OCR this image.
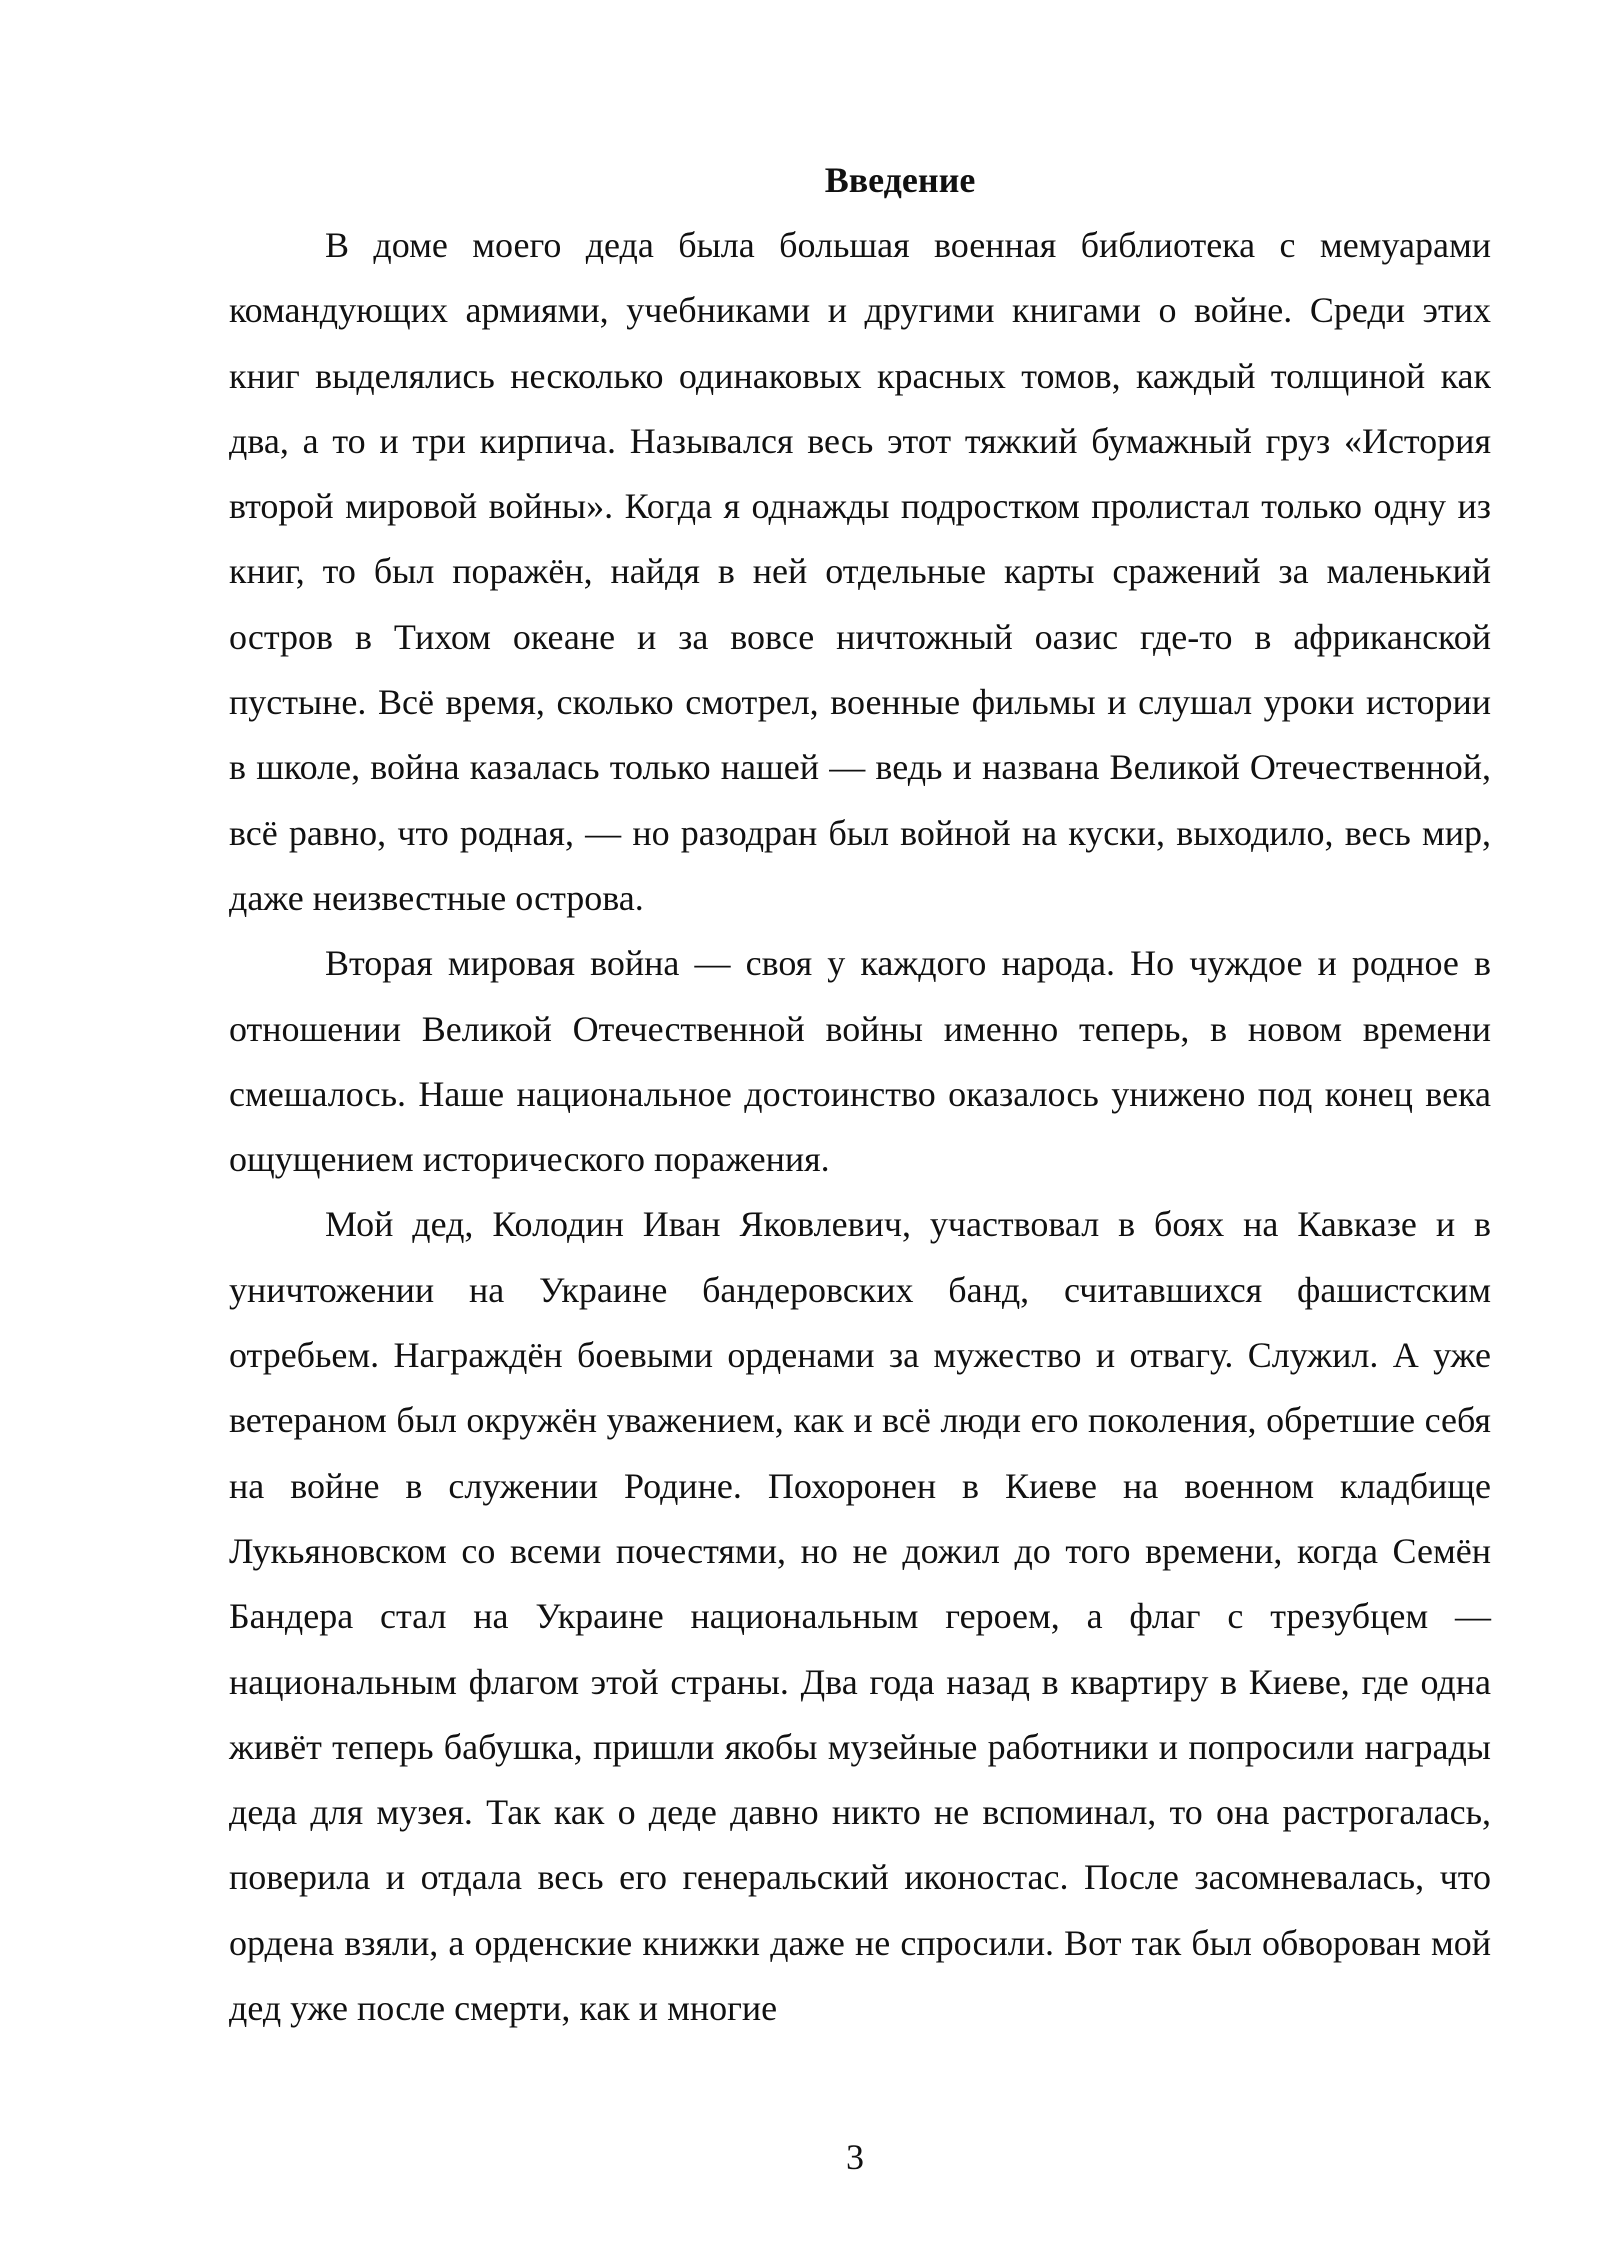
Введение

В доме моего деда была большая военная библиотека с мемуарами командующих армиями, учебниками и другими книгами о войне. Среди этих книг выделялись несколько одинаковых красных томов, каждый толщиной как два, а то и три кирпича. Назывался весь этот тяжкий бумажный груз «История второй мировой войны». Когда я однажды подростком пролистал только одну из книг, то был поражён, найдя в ней отдельные карты сражений за маленький остров в Тихом океане и за вовсе ничтожный оазис где-то в африканской пустыне. Всё время, сколько смотрел, военные фильмы и слушал уроки истории в школе, война казалась только нашей — ведь и названа Великой Отечественной, всё равно, что родная, — но разодран был войной на куски, выходило, весь мир, даже неизвестные острова.

Вторая мировая война — своя у каждого народа. Но чуждое и родное в отношении Великой Отечественной войны именно теперь, в новом времени смешалось. Наше национальное достоинство оказалось унижено под конец века ощущением исторического поражения.

Мой дед, Колодин Иван Яковлевич, участвовал в боях на Кавказе и в уничтожении на Украине бандеровских банд, считавшихся фашистским отребьем. Награждён боевыми орденами за мужество и отвагу. Служил. А уже ветераном был окружён уважением, как и всё люди его поколения, обретшие себя на войне в служении Родине. Похоронен в Киеве на военном кладбище Лукьяновском со всеми почестями, но не дожил до того времени, когда Семён Бандера стал на Украине национальным героем, а флаг с трезубцем — национальным флагом этой страны. Два года назад в квартиру в Киеве, где одна живёт теперь бабушка, пришли якобы музейные работники и попросили награды деда для музея. Так как о деде давно никто не вспоминал, то она растрогалась, поверила и отдала весь его генеральский иконостас. После засомневалась, что ордена взяли, а орденские книжки даже не спросили. Вот так был обворован мой дед уже после смерти, как и многие

3
